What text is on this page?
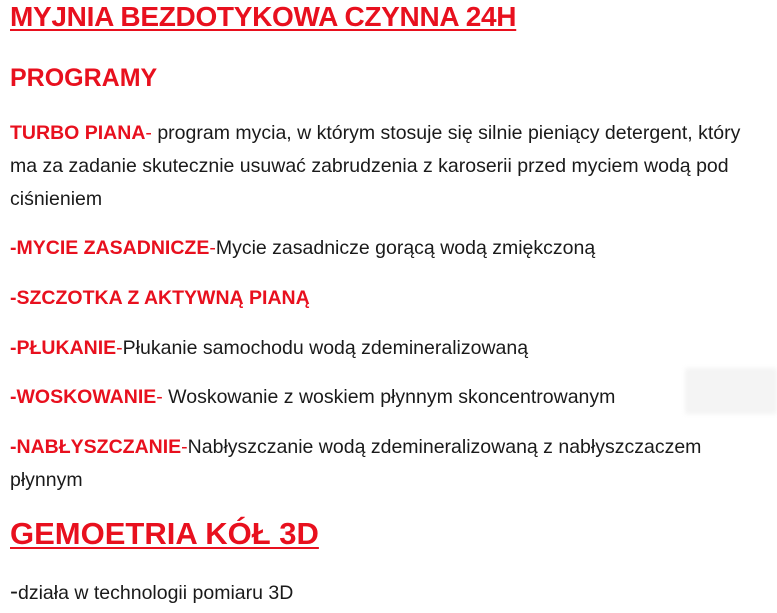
MYJNIA BEZDOTYKOWA CZYNNA 24H
PROGRAMY
TURBO PIANA- program mycia, w którym stosuje się silnie pieniący detergent, który ma za zadanie skutecznie usuwać zabrudzenia z karoserii przed myciem wodą pod ciśnieniem
-MYCIE ZASADNICZE-Mycie zasadnicze gorącą wodą zmiękczoną
-SZCZOTKA Z AKTYWNĄ PIANĄ
-PŁUKANIE-Płukanie samochodu wodą zdemineralizowaną
-WOSKOWANIE- Woskowanie z woskiem płynnym skoncentrowanym
-NABŁYSZCZANIE-Nabłyszczanie wodą zdemineralizowaną z nabłyszczaczem płynnym
GEMOETRIA KÓŁ 3D
-działa w technologii pomiaru 3D
